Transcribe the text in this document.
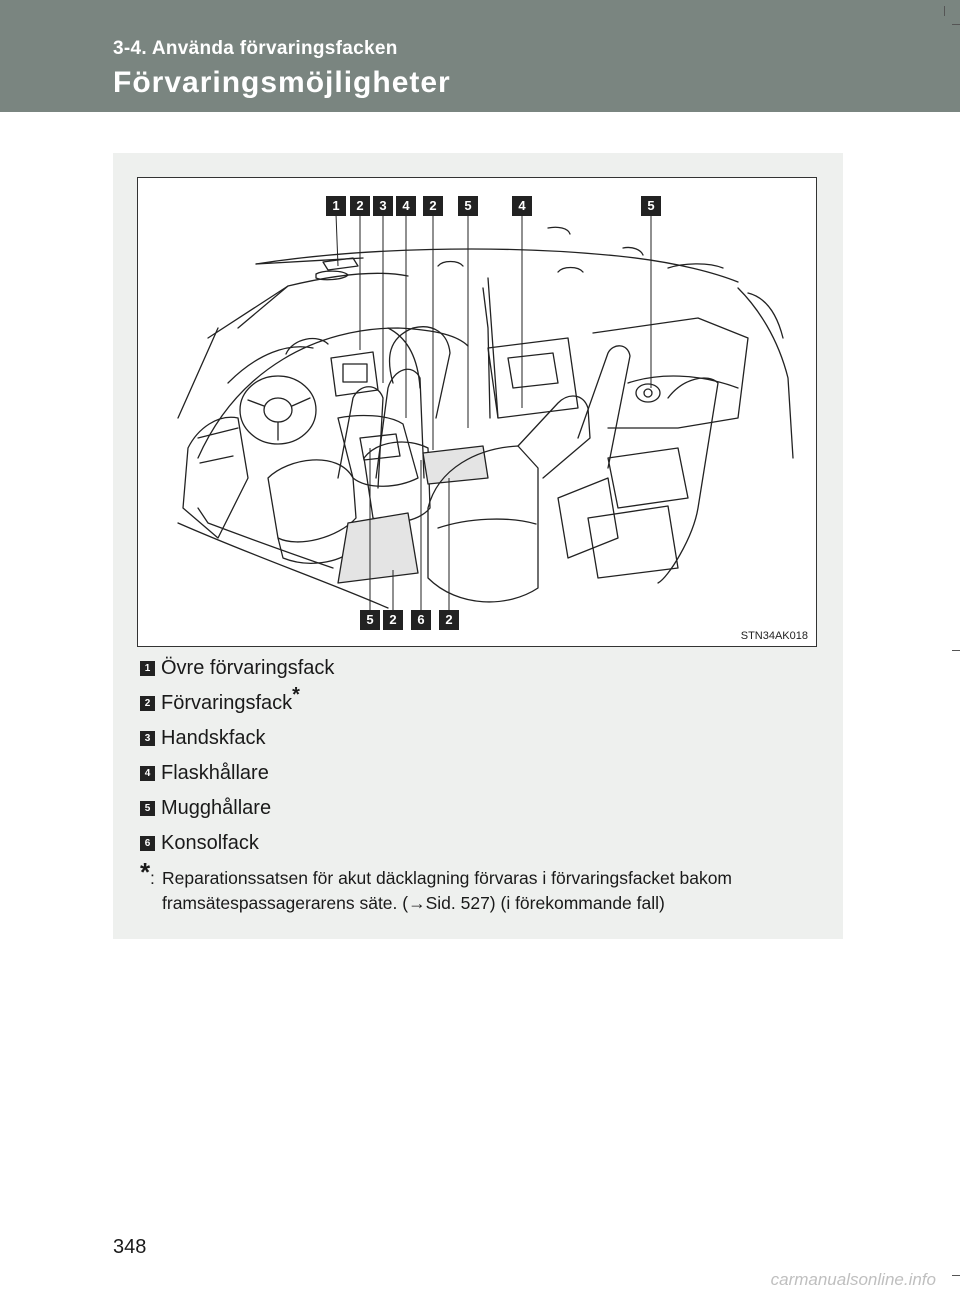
3-4. Använda förvaringsfacken
Förvaringsmöjligheter
1	2	3	4	2	5	4	5
5	2	6	2
STN34AK018
1 Övre förvaringsfack
2 Förvaringsfack *
3 Handskfack
4 Flaskhållare
5 Mugghållare
6 Konsolfack
* : Reparationssatsen för akut däcklagning förvaras i förvaringsfacket bakom framsätespassagerarens säte. (→Sid. 527) (i förekommande fall)
348
carmanualsonline.info
